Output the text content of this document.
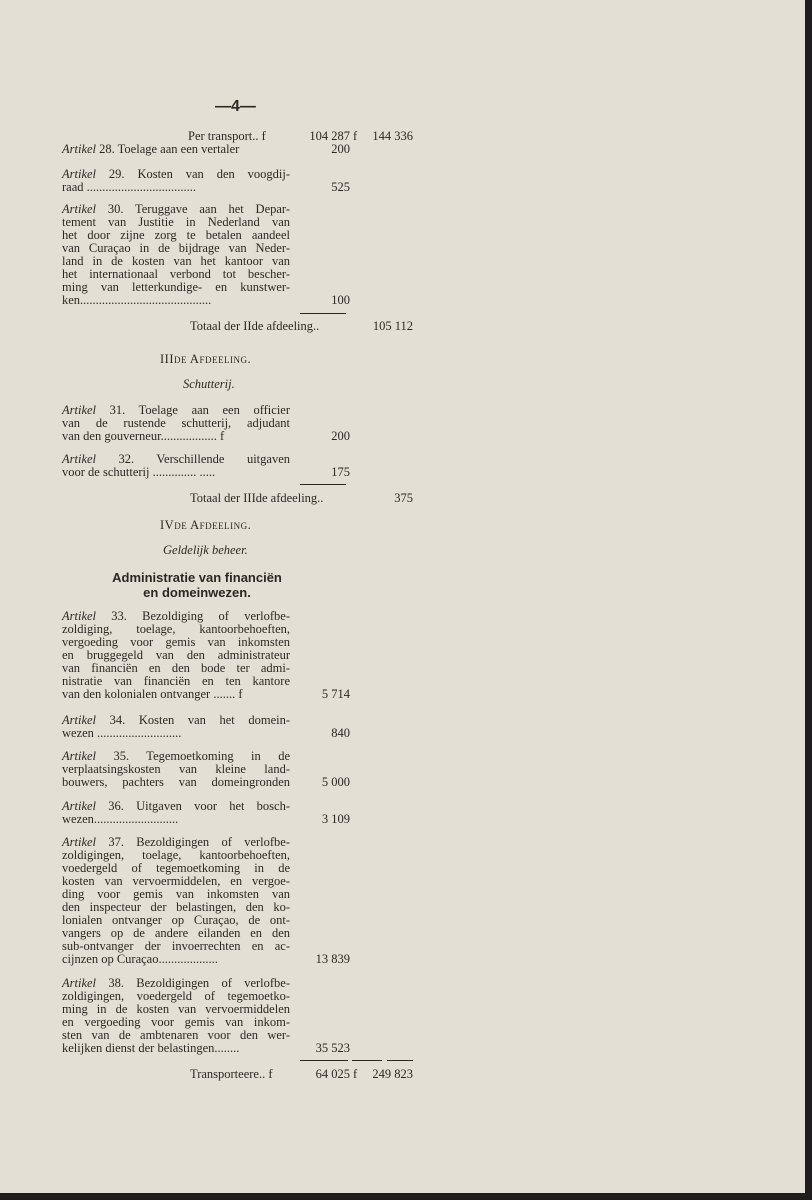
—4—
Per transport.. f	104 287 f	144 336
Artikel 28. Toelage aan een vertaler	200
Artikel 29. Kosten van den voogdij-
raad ...................................	525
Artikel 30. Teruggave aan het Depar-
tement van Justitie in Nederland van
het door zijne zorg te betalen aandeel
van Curaçao in de bijdrage van Neder-
land in de kosten van het kantoor van
het internationaal verbond tot bescher-
ming van letterkundige- en kunstwer-
ken..........................................	100
Totaal der IIde afdeeling..	105 112
IIIde Afdeeling.
Schutterij.
Artikel 31. Toelage aan een officier
van de rustende schutterij, adjudant
van den gouverneur.................. f	200
Artikel 32. Verschillende uitgaven
voor de schutterij .............. .....	175
Totaal der IIIde afdeeling..	375
IVde Afdeeling.
Geldelijk beheer.
Administratie van financiën
en domeinwezen.
Artikel 33. Bezoldiging of verlofbe-
zoldiging, toelage, kantoorbehoeften,
vergoeding voor gemis van inkomsten
en bruggegeld van den administrateur
van financiën en den bode ter admi-
nistratie van financiën en ten kantore
van den kolonialen ontvanger ....... f	5 714
Artikel 34. Kosten van het domein-
wezen ...........................	840
Artikel 35. Tegemoetkoming in de
verplaatsingskosten van kleine land-
bouwers, pachters van domeingronden	5 000
Artikel 36. Uitgaven voor het bosch-
wezen...........................	3 109
Artikel 37. Bezoldigingen of verlofbe-
zoldigingen, toelage, kantoorbehoeften,
voedergeld of tegemoetkoming in de
kosten van vervoermiddelen, en vergoe-
ding voor gemis van inkomsten van
den inspecteur der belastingen, den ko-
lonialen ontvanger op Curaçao, de ont-
vangers op de andere eilanden en den
sub-ontvanger der invoerrechten en ac-
cijnzen op Curaçao...................	13 839
Artikel 38. Bezoldigingen of verlofbe-
zoldigingen, voedergeld of tegemoetko-
ming in de kosten van vervoermiddelen
en vergoeding voor gemis van inkom-
sten van de ambtenaren voor den wer-
kelijken dienst der belastingen........	35 523
Transporteere.. f	64 025 f	249 823
